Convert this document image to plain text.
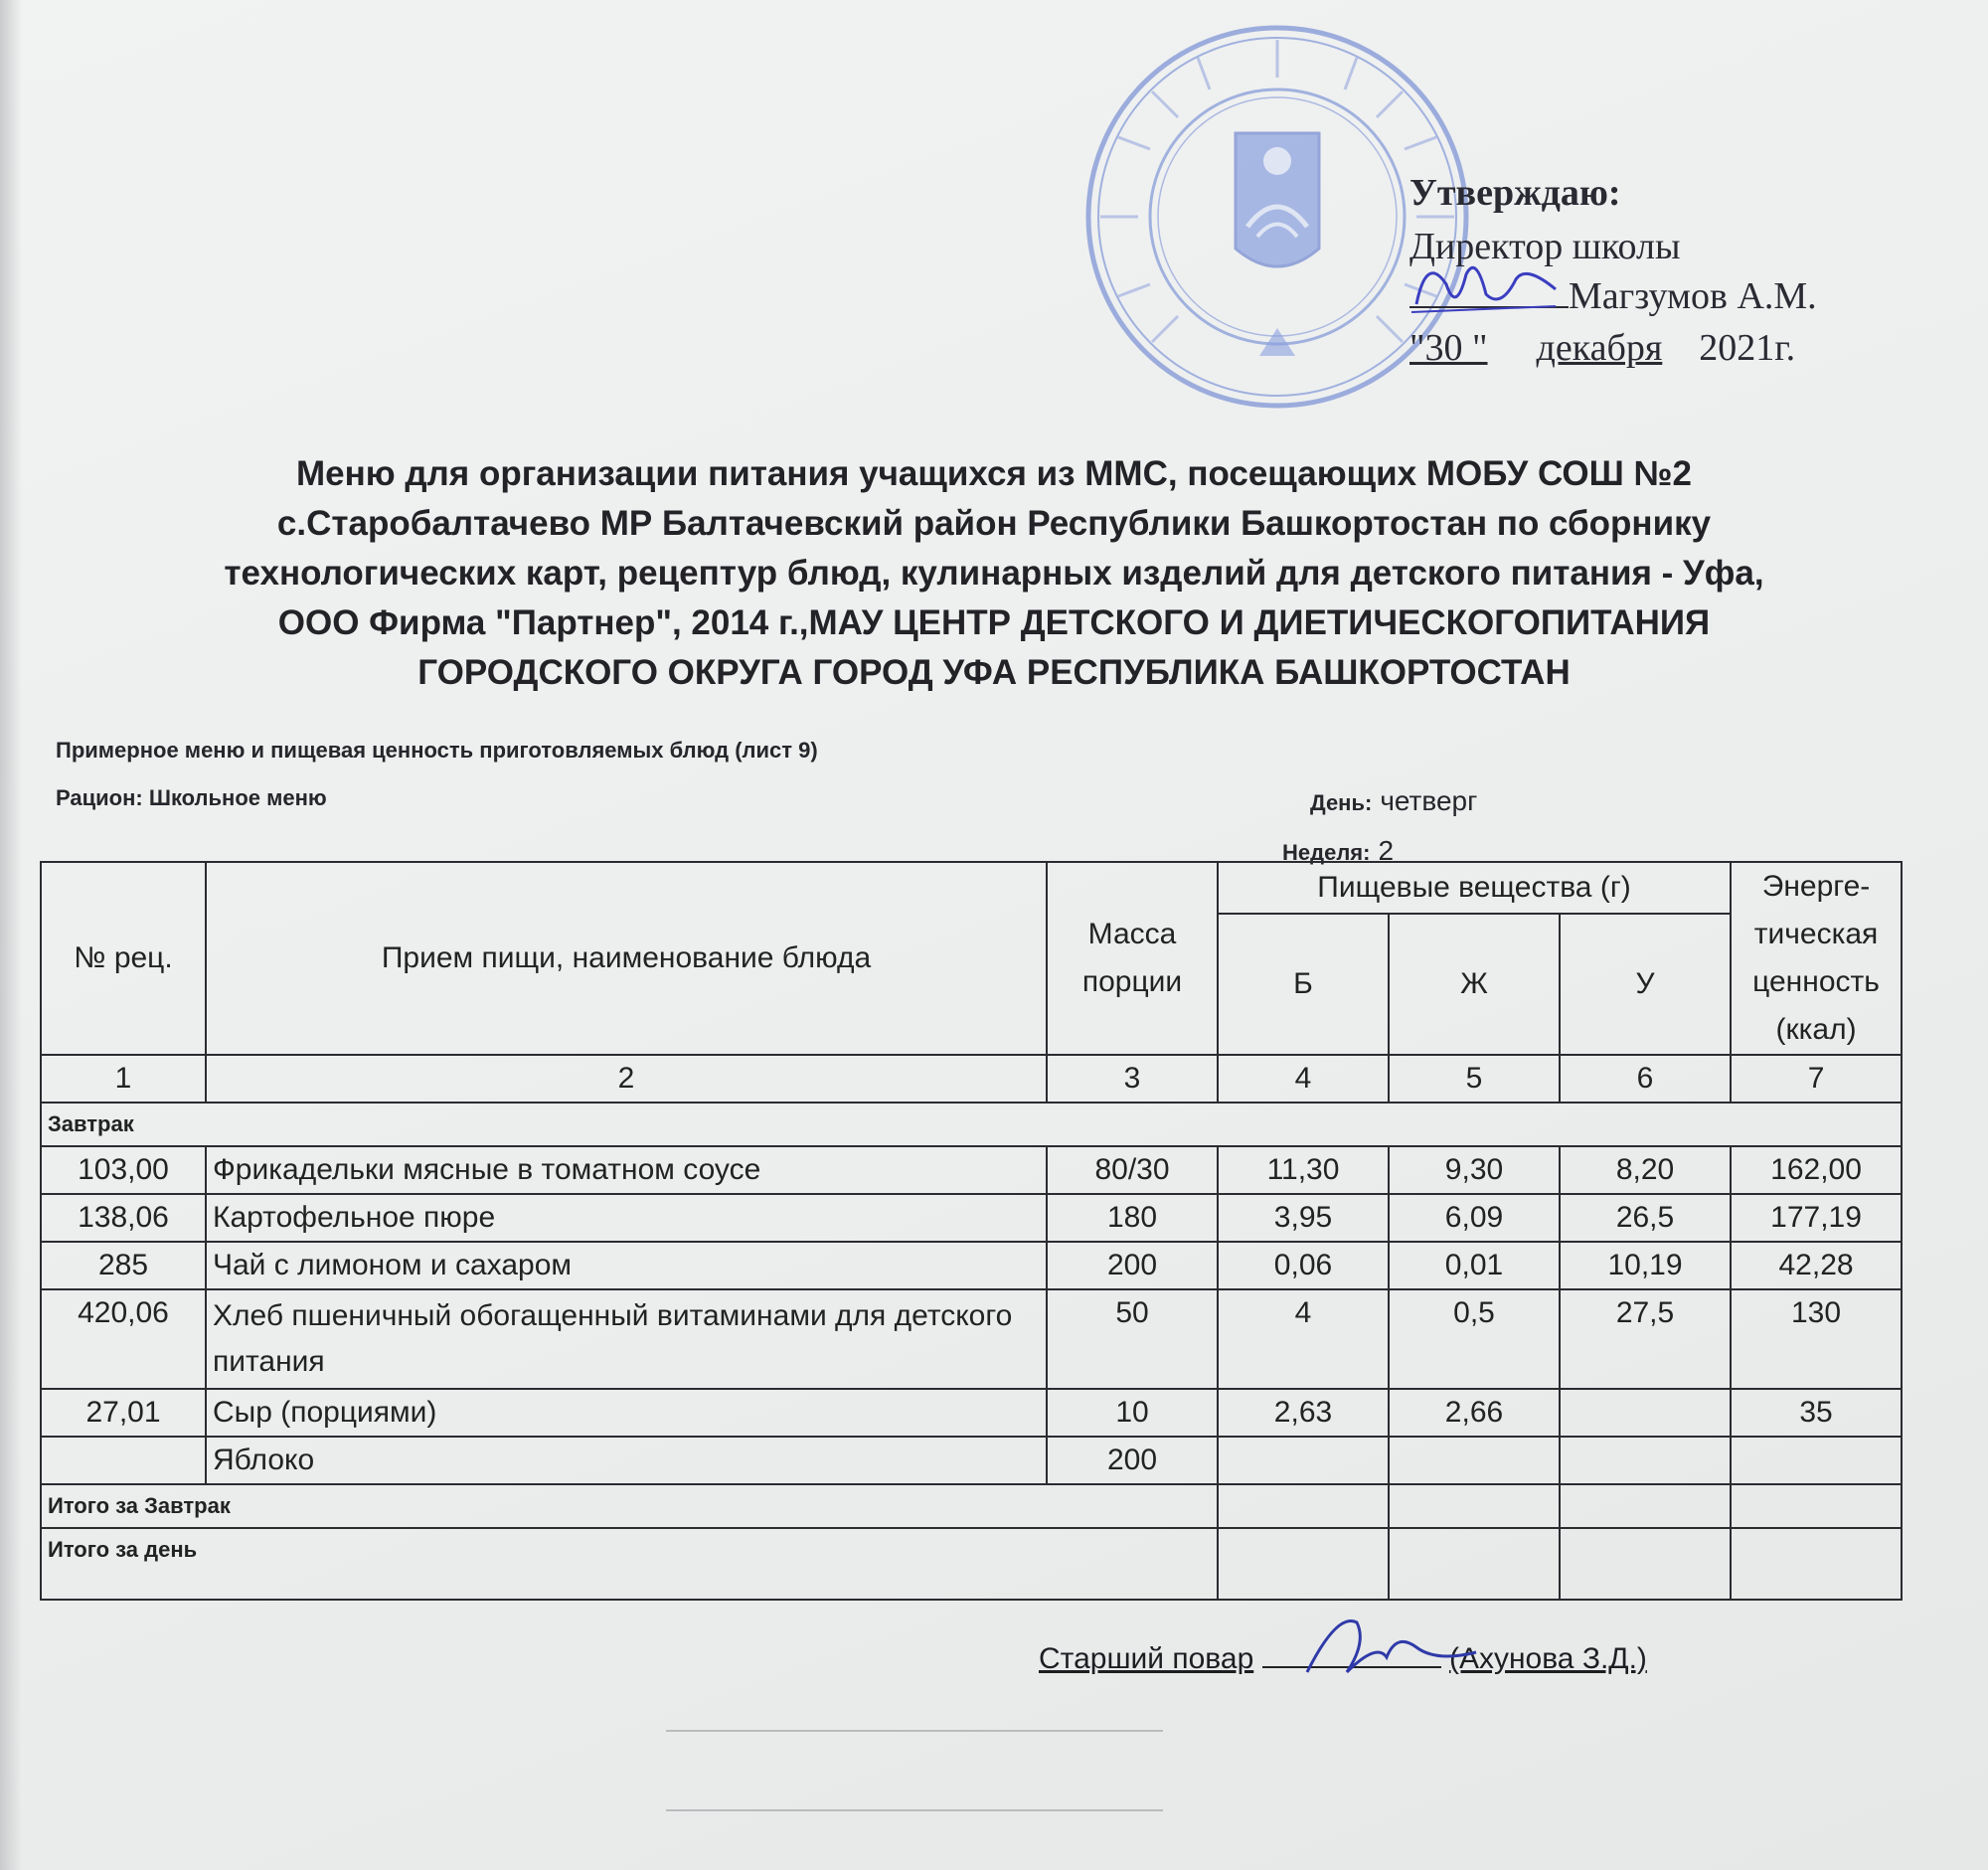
Утверждаю:
Директор школы
Магзумов А.М.
"30 " декабря 2021г.
Меню для организации питания учащихся из ММС, посещающих МОБУ СОШ №2
с.Старобалтачево МР Балтачевский район Республики Башкортостан по сборнику
технологических карт, рецептур блюд, кулинарных изделий для детского питания - Уфа,
ООО Фирма "Партнер", 2014 г.,МАУ ЦЕНТР ДЕТСКОГО И ДИЕТИЧЕСКОГОПИТАНИЯ
ГОРОДСКОГО ОКРУГА ГОРОД УФА РЕСПУБЛИКА БАШКОРТОСТАН
Примерное меню и пищевая ценность приготовляемых блюд (лист 9)
Рацион: Школьное меню	День: четверг
Неделя: 2
№ рец.	Прием пищи, наименование блюда	Масса порции	Пищевые вещества (г)			Энерге-тическая ценность (ккал)
			Б	Ж	У	
1	2	3	4	5	6	7
Завтрак						
103,00	Фрикадельки мясные в томатном соусе	80/30	11,30	9,30	8,20	162,00
138,06	Картофельное пюре	180	3,95	6,09	26,5	177,19
285	Чай с лимоном и сахаром	200	0,06	0,01	10,19	42,28
420,06	Хлеб пшеничный обогащенный витаминами для детского питания	50	4	0,5	27,5	130
27,01	Сыр (порциями)	10	2,63	2,66		35
	Яблоко	200				
Итого за Завтрак						
Итого за день						
Старший повар	(Ахунова З.Д.)
